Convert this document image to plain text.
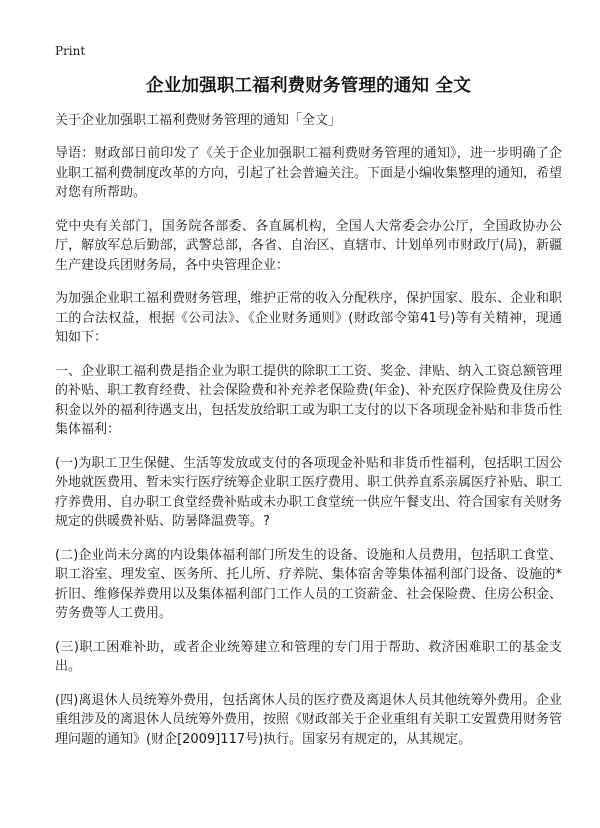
Print
企业加强职工福利费财务管理的通知 全文
关于企业加强职工福利费财务管理的通知「全文」

导语：财政部日前印发了《关于企业加强职工福利费财务管理的通知》，进一步明确了企业职工福利费制度改革的方向，引起了社会普遍关注。下面是小编收集整理的通知，希望对您有所帮助。

党中央有关部门，国务院各部委、各直属机构，全国人大常委会办公厅，全国政协办公厅，解放军总后勤部，武警总部，各省、自治区、直辖市、计划单列市财政厅(局)，新疆生产建设兵团财务局，各中央管理企业：

为加强企业职工福利费财务管理，维护正常的收入分配秩序，保护国家、股东、企业和职工的合法权益，根据《公司法》、《企业财务通则》(财政部令第41号)等有关精神，现通知如下：

一、企业职工福利费是指企业为职工提供的除职工工资、奖金、津贴、纳入工资总额管理的补贴、职工教育经费、社会保险费和补充养老保险费(年金)、补充医疗保险费及住房公积金以外的福利待遇支出，包括发放给职工或为职工支付的以下各项现金补贴和非货币性集体福利：

(一)为职工卫生保健、生活等发放或支付的各项现金补贴和非货币性福利，包括职工因公外地就医费用、暂未实行医疗统筹企业职工医疗费用、职工供养直系亲属医疗补贴、职工疗养费用、自办职工食堂经费补贴或未办职工食堂统一供应午餐支出、符合国家有关财务规定的供暖费补贴、防暑降温费等。?

(二)企业尚未分离的内设集体福利部门所发生的设备、设施和人员费用，包括职工食堂、职工浴室、理发室、医务所、托儿所、疗养院、集体宿舍等集体福利部门设备、设施的*折旧、维修保养费用以及集体福利部门工作人员的工资薪金、社会保险费、住房公积金、劳务费等人工费用。

(三)职工困难补助，或者企业统筹建立和管理的专门用于帮助、救济困难职工的基金支出。

(四)离退休人员统筹外费用，包括离休人员的医疗费及离退休人员其他统筹外费用。企业重组涉及的离退休人员统筹外费用，按照《财政部关于企业重组有关职工安置费用财务管理问题的通知》(财企[2009]117号)执行。国家另有规定的，从其规定。
